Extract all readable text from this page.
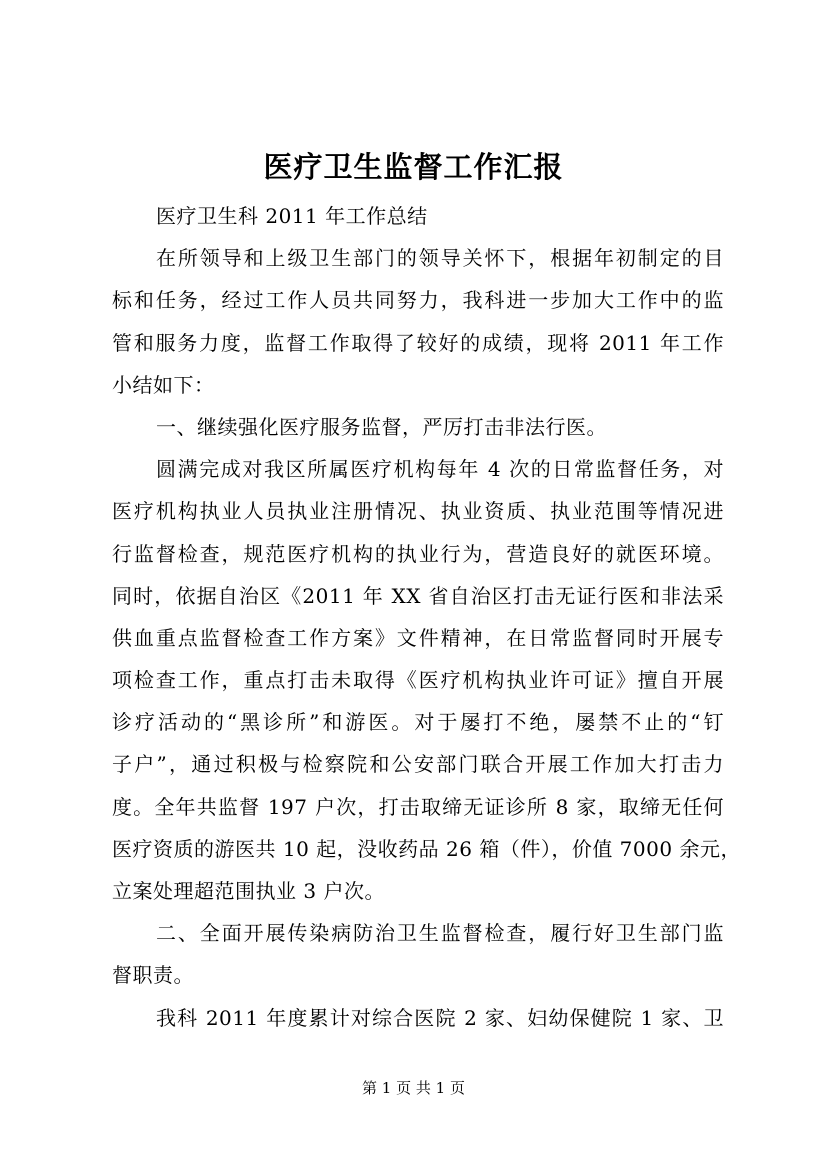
医疗卫生监督工作汇报
医疗卫生科 2011 年工作总结
在所领导和上级卫生部门的领导关怀下，根据年初制定的目
标和任务，经过工作人员共同努力，我科进一步加大工作中的监
管和服务力度，监督工作取得了较好的成绩，现将 2011 年工作
小结如下：
一、继续强化医疗服务监督，严厉打击非法行医。
圆满完成对我区所属医疗机构每年 4 次的日常监督任务，对
医疗机构执业人员执业注册情况、执业资质、执业范围等情况进
行监督检查，规范医疗机构的执业行为，营造良好的就医环境。
同时，依据自治区《2011 年 XX 省自治区打击无证行医和非法采
供血重点监督检查工作方案》文件精神，在日常监督同时开展专
项检查工作，重点打击未取得《医疗机构执业许可证》擅自开展
诊疗活动的“黑诊所”和游医。对于屡打不绝，屡禁不止的“钉
子户”，通过积极与检察院和公安部门联合开展工作加大打击力
度。全年共监督 197 户次，打击取缔无证诊所 8 家，取缔无任何
医疗资质的游医共 10 起，没收药品 26 箱（件），价值 7000 余元，
立案处理超范围执业 3 户次。
二、全面开展传染病防治卫生监督检查，履行好卫生部门监
督职责。
我科 2011 年度累计对综合医院 2 家、妇幼保健院 1 家、卫
第 1 页 共 1 页
